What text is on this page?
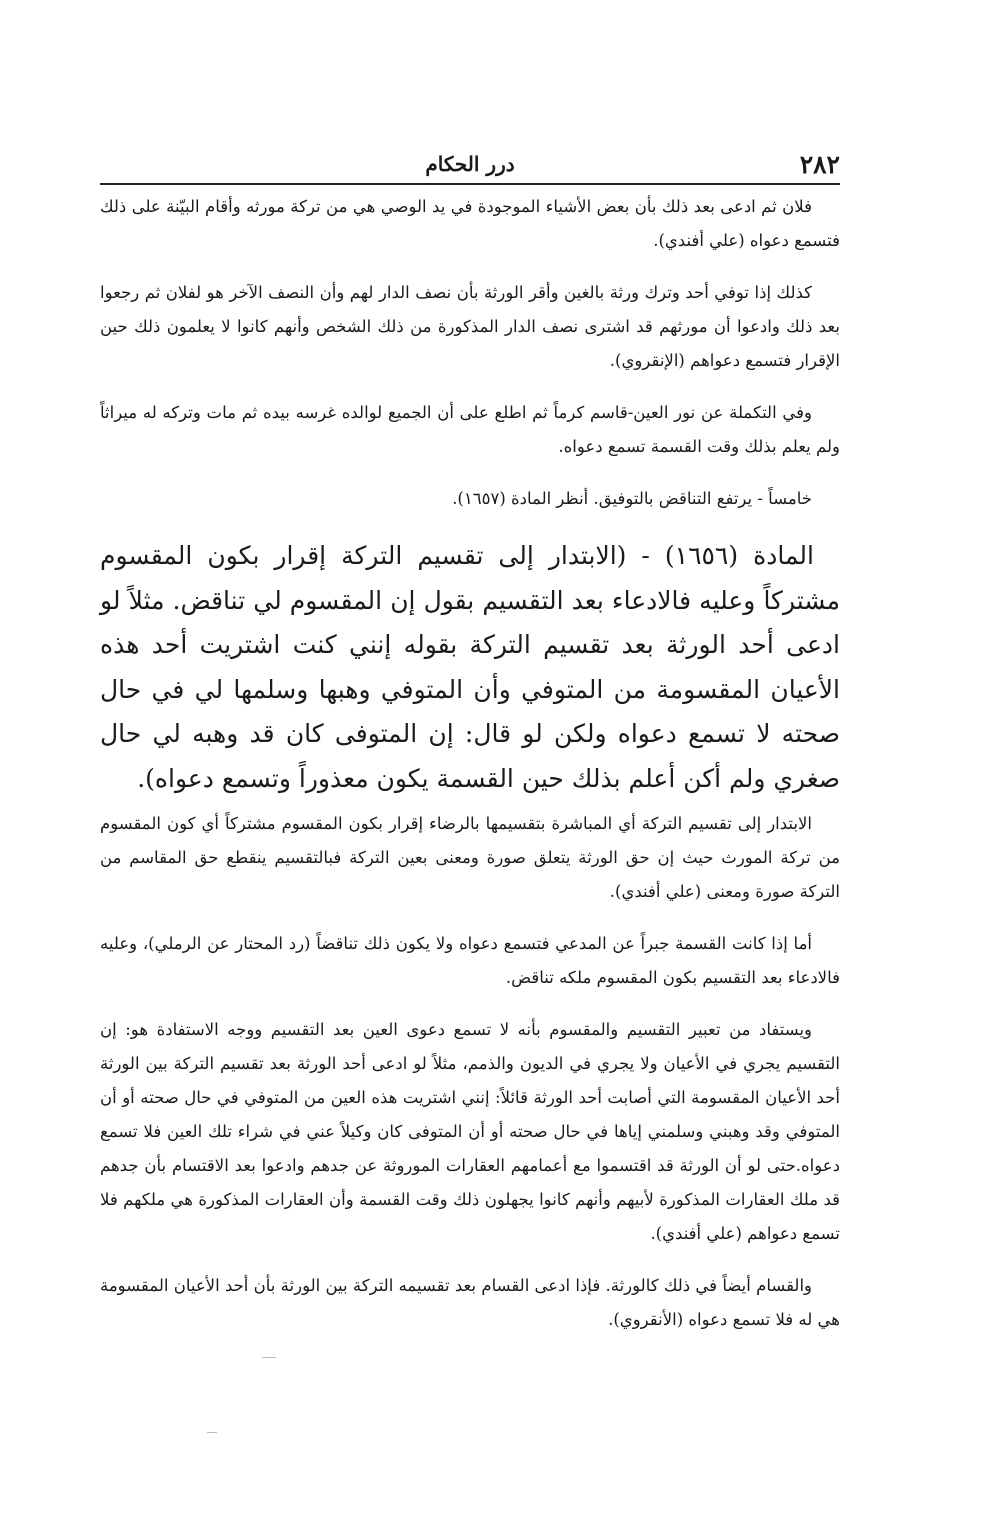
٢٨٢
درر الحكام

فلان ثم ادعى بعد ذلك بأن بعض الأشياء الموجودة في يد الوصي هي من تركة مورثه وأقام البيّنة على ذلك فتسمع دعواه (علي أفندي).

كذلك إذا توفي أحد وترك ورثة بالغين وأقر الورثة بأن نصف الدار لهم وأن النصف الآخر هو لفلان ثم رجعوا بعد ذلك وادعوا أن مورثهم قد اشترى نصف الدار المذكورة من ذلك الشخص وأنهم كانوا لا يعلمون ذلك حين الإقرار فتسمع دعواهم (الإنقروي).

وفي التكملة عن نور العين-قاسم كرماً ثم اطلع على أن الجميع لوالده غرسه بيده ثم مات وتركه له ميراثاً ولم يعلم بذلك وقت القسمة تسمع دعواه.

خامساً - يرتفع التناقض بالتوفيق. أنظر المادة (١٦٥٧).

المادة (١٦٥٦) - (الابتدار إلى تقسيم التركة إقرار بكون المقسوم مشتركاً وعليه فالادعاء بعد التقسيم بقول إن المقسوم لي تناقض. مثلاً لو ادعى أحد الورثة بعد تقسيم التركة بقوله إنني كنت اشتريت أحد هذه الأعيان المقسومة من المتوفي وأن المتوفي وهبها وسلمها لي في حال صحته لا تسمع دعواه ولكن لو قال: إن المتوفى كان قد وهبه لي حال صغري ولم أكن أعلم بذلك حين القسمة يكون معذوراً وتسمع دعواه).

الابتدار إلى تقسيم التركة أي المباشرة بتقسيمها بالرضاء إقرار بكون المقسوم مشتركاً أي كون المقسوم من تركة المورث حيث إن حق الورثة يتعلق صورة ومعنى بعين التركة فبالتقسيم ينقطع حق المقاسم من التركة صورة ومعنى (علي أفندي).

أما إذا كانت القسمة جبراً عن المدعي فتسمع دعواه ولا يكون ذلك تناقضاً (رد المحتار عن الرملي)، وعليه فالادعاء بعد التقسيم بكون المقسوم ملكه تناقض.

ويستفاد من تعبير التقسيم والمقسوم بأنه لا تسمع دعوى العين بعد التقسيم ووجه الاستفادة هو: إن التقسيم يجري في الأعيان ولا يجري في الديون والذمم، مثلاً لو ادعى أحد الورثة بعد تقسيم التركة بين الورثة أحد الأعيان المقسومة التي أصابت أحد الورثة قائلاً: إنني اشتريت هذه العين من المتوفي في حال صحته أو أن المتوفي وقد وهبني وسلمني إياها في حال صحته أو أن المتوفى كان وكيلاً عني في شراء تلك العين فلا تسمع دعواه.حتى لو أن الورثة قد اقتسموا مع أعمامهم العقارات الموروثة عن جدهم وادعوا بعد الاقتسام بأن جدهم قد ملك العقارات المذكورة لأبيهم وأنهم كانوا يجهلون ذلك وقت القسمة وأن العقارات المذكورة هي ملكهم فلا تسمع دعواهم (علي أفندي).

والقسام أيضاً في ذلك كالورثة. فإذا ادعى القسام بعد تقسيمه التركة بين الورثة بأن أحد الأعيان المقسومة هي له فلا تسمع دعواه (الأنقروي).
